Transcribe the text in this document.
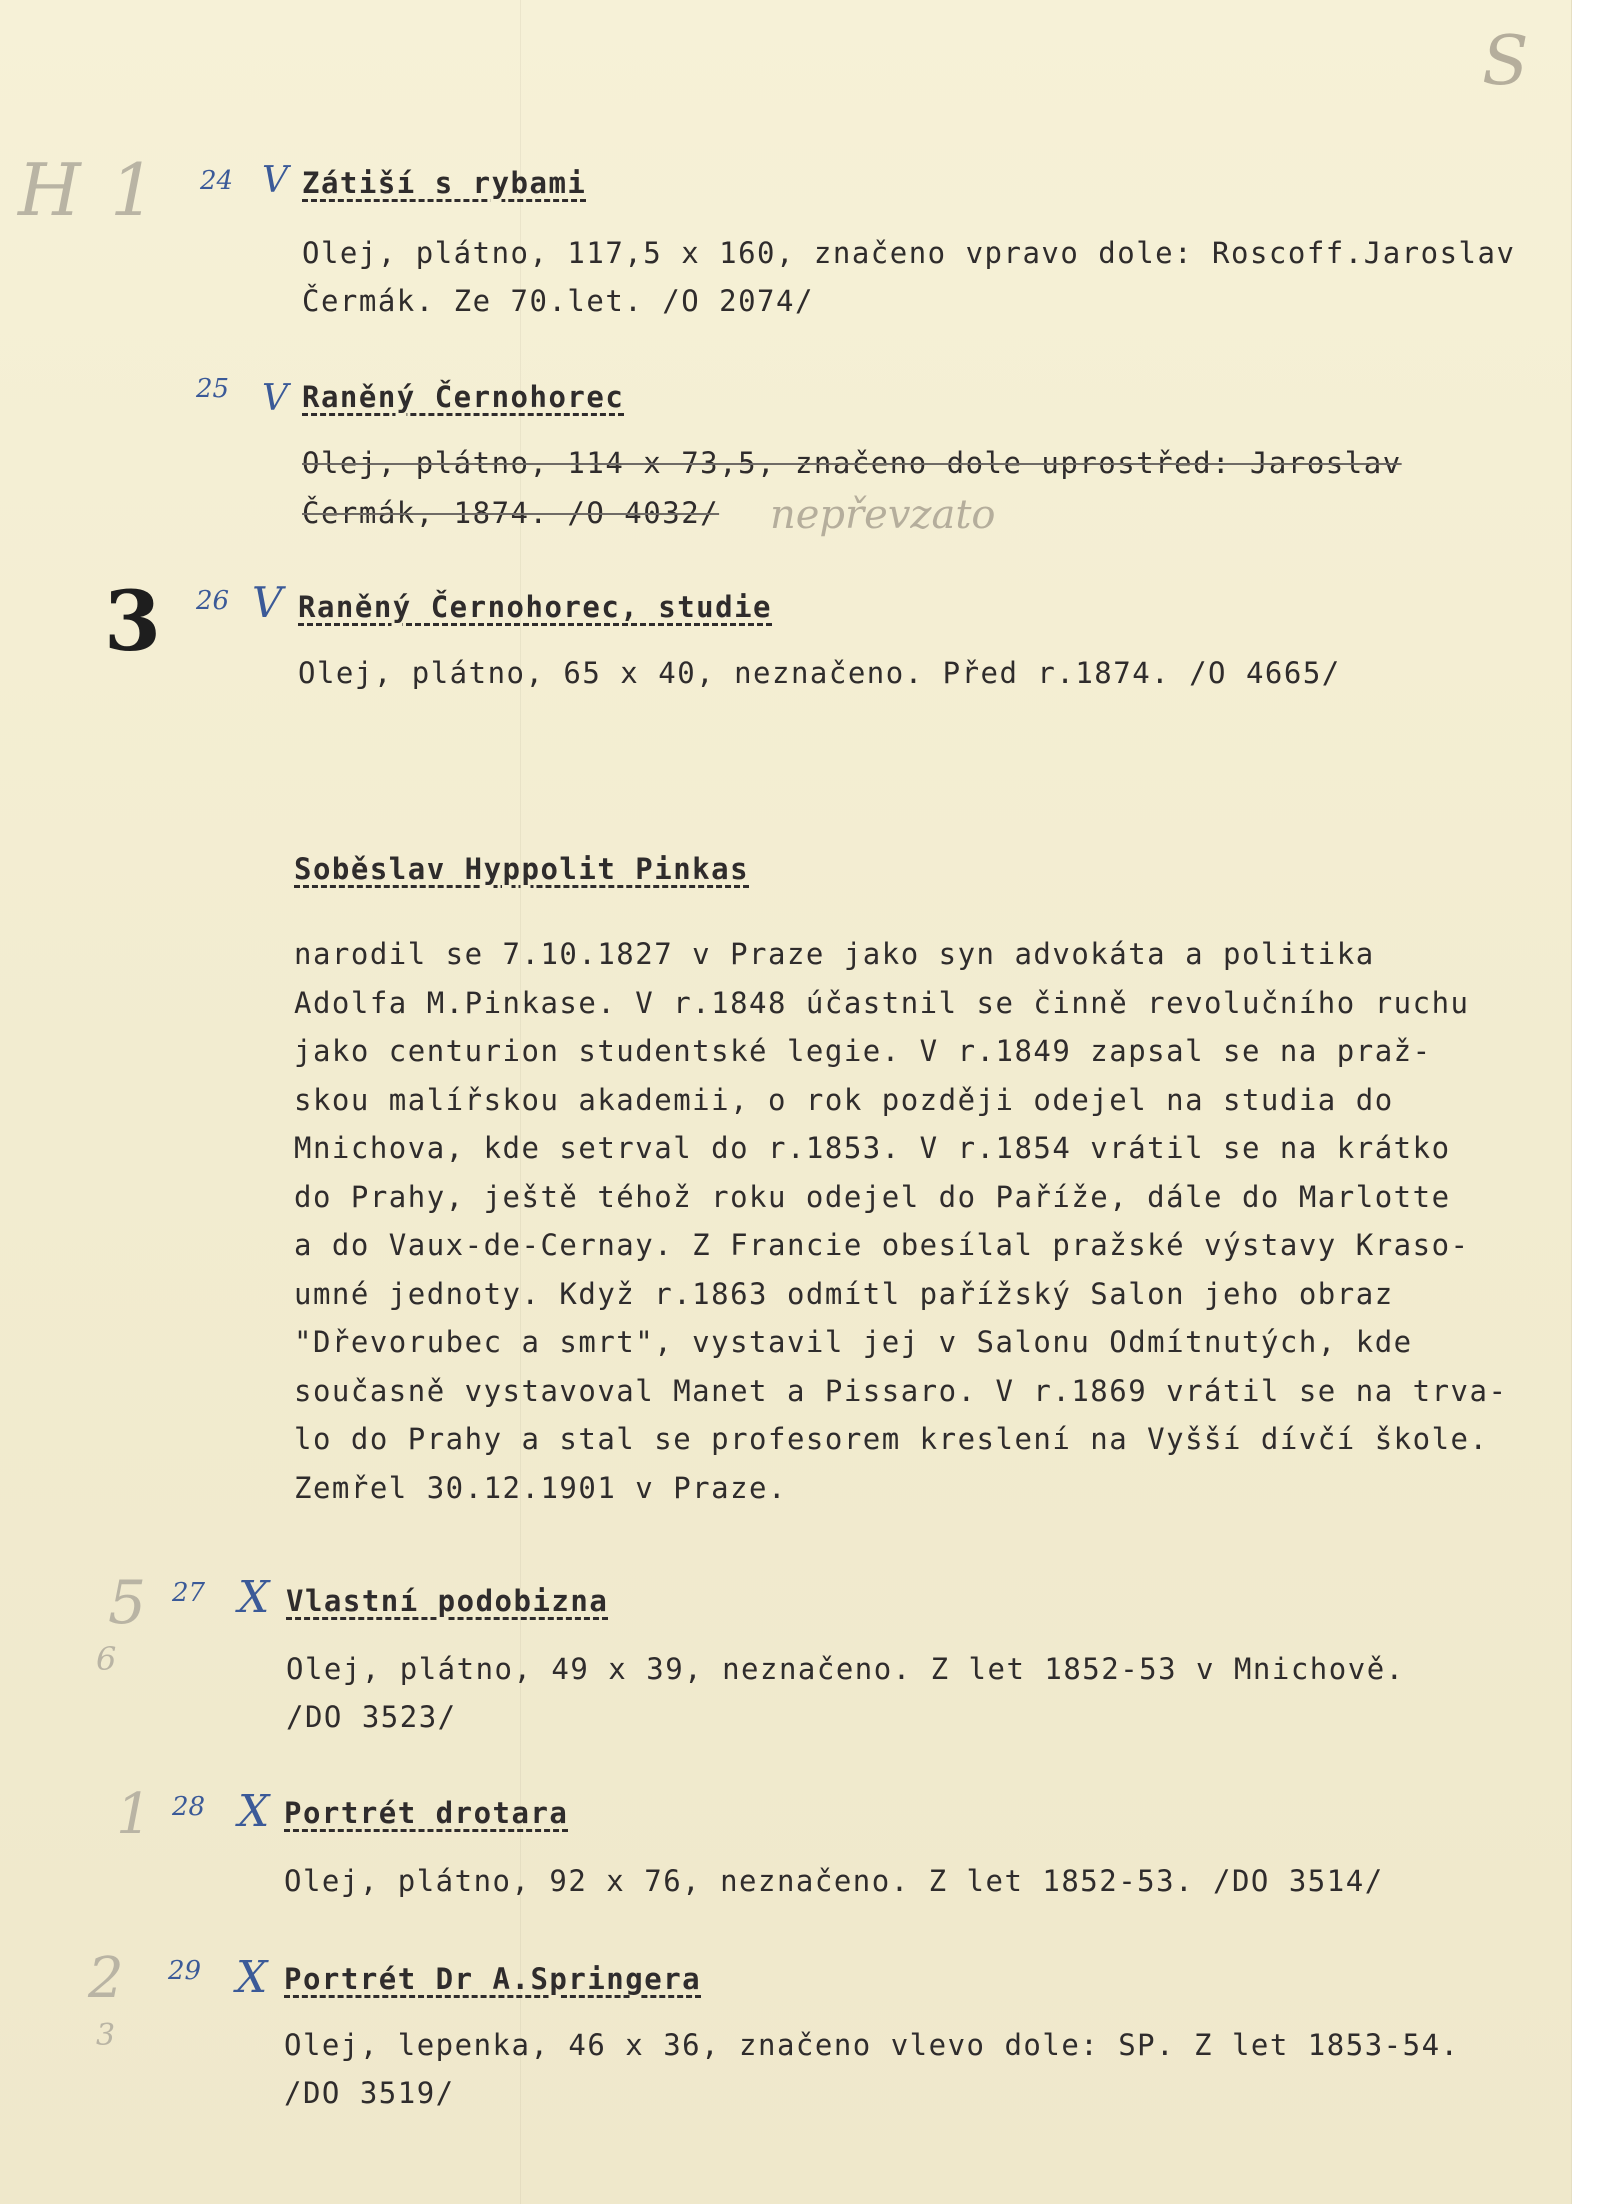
S
H 1 24 V Zátiší s rybami

Olej, plátno, 117,5 x 160, značeno vpravo dole: Roscoff.Jaroslav

Čermák. Ze 70.let. /O 2074/

25 V Raněný Černohorec

Olej, plátno, 114 x 73,5, značeno dole uprostřed: Jaroslav

Čermák, 1874. /O 4032/ nepřevzato
3 26 V Raněný Černohorec, studie

Olej, plátno, 65 x 40, neznačeno. Před r.1874. /O 4665/

Soběslav Hyppolit Pinkas

narodil se 7.10.1827 v Praze jako syn advokáta a politika

Adolfa M.Pinkase. V r.1848 účastnil se činně revolučního ruchu

jako centurion studentské legie. V r.1849 zapsal se na praž-

skou malířskou akademii, o rok později odejel na studia do

Mnichova, kde setrval do r.1853. V r.1854 vrátil se na krátko

do Prahy, ještě téhož roku odejel do Paříže, dále do Marlotte

a do Vaux-de-Cernay. Z Francie obesílal pražské výstavy Kraso-

umné jednoty. Když r.1863 odmítl pařížský Salon jeho obraz

"Dřevorubec a smrt", vystavil jej v Salonu Odmítnutých, kde

současně vystavoval Manet a Pissaro. V r.1869 vrátil se na trva-

lo do Prahy a stal se profesorem kreslení na Vyšší dívčí škole.

Zemřel 30.12.1901 v Praze.

5
6
27 X Vlastní podobizna

Olej, plátno, 49 x 39, neznačeno. Z let 1852-53 v Mnichově.

/DO 3523/

1 28 X Portrét drotara

Olej, plátno, 92 x 76, neznačeno. Z let 1852-53. /DO 3514/

2
3
29 X Portrét Dr A.Springera

Olej, lepenka, 46 x 36, značeno vlevo dole: SP. Z let 1853-54.

/DO 3519/
